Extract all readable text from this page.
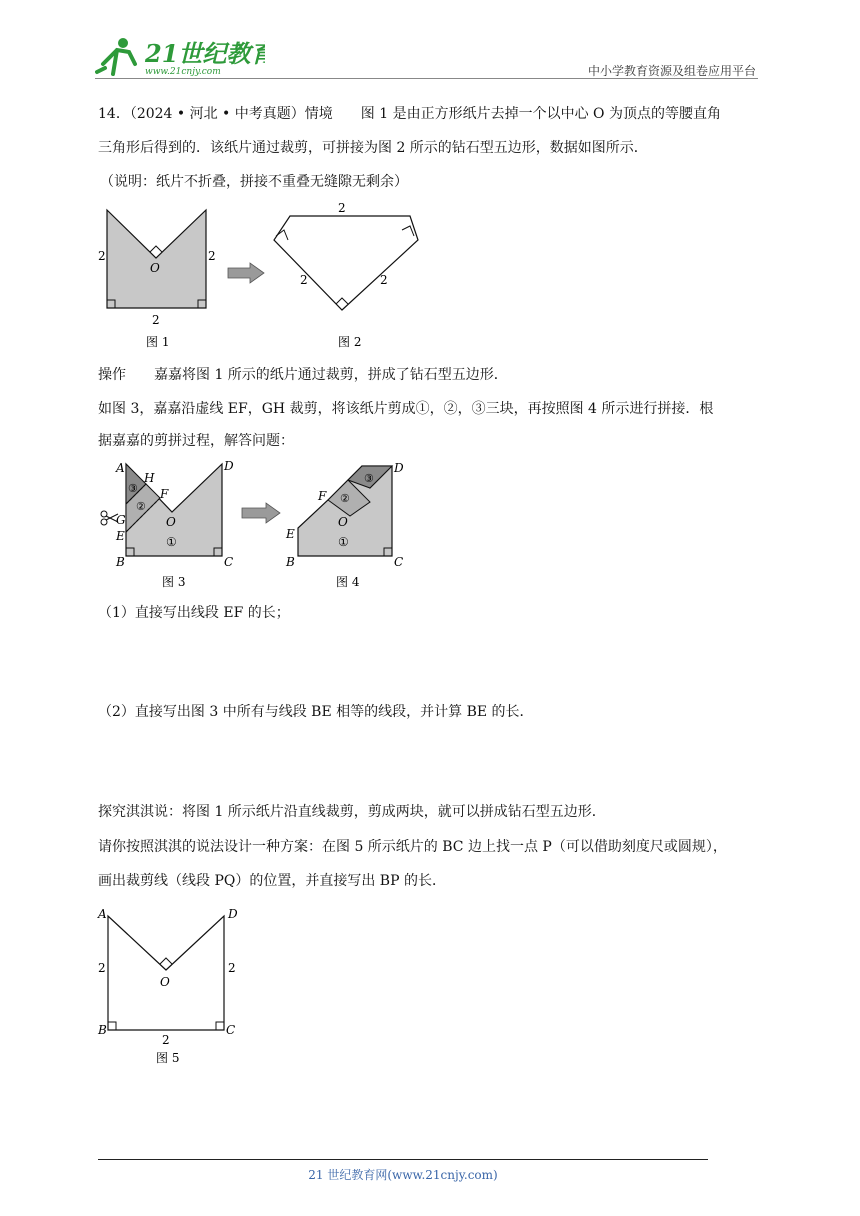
21世纪教育
www.21cnjy.com	中小学教育资源及组卷应用平台
14．（2024 • 河北 • 中考真题）情境　　图 1 是由正方形纸片去掉一个以中心 O 为顶点的等腰直角
三角形后得到的．该纸片通过裁剪，可拼接为图 2 所示的钻石型五边形，数据如图所示．
（说明：纸片不折叠，拼接不重叠无缝隙无剩余）
2	2
2
O
图 1
2
2	2
图 2
操作　　嘉嘉将图 1 所示的纸片通过裁剪，拼成了钻石型五边形．
如图 3，嘉嘉沿虚线 EF，GH 裁剪，将该纸片剪成①，②，③三块，再按照图 4 所示进行拼接．根
据嘉嘉的剪拼过程，解答问题：
A
H
③
②
F
D
G
E
O
①
B	C
图 3
D
③
F ②
O
E
①
B	C
图 4
（1）直接写出线段 EF 的长；
（2）直接写出图 3 中所有与线段 BE 相等的线段，并计算 BE 的长．
探究淇淇说：将图 1 所示纸片沿直线裁剪，剪成两块，就可以拼成钻石型五边形．
请你按照淇淇的说法设计一种方案：在图 5 所示纸片的 BC 边上找一点 P（可以借助刻度尺或圆规），
画出裁剪线（线段 PQ）的位置，并直接写出 BP 的长．
A	D
O
B	C
2	2
2
图 5
21 世纪教育网(www.21cnjy.com)
